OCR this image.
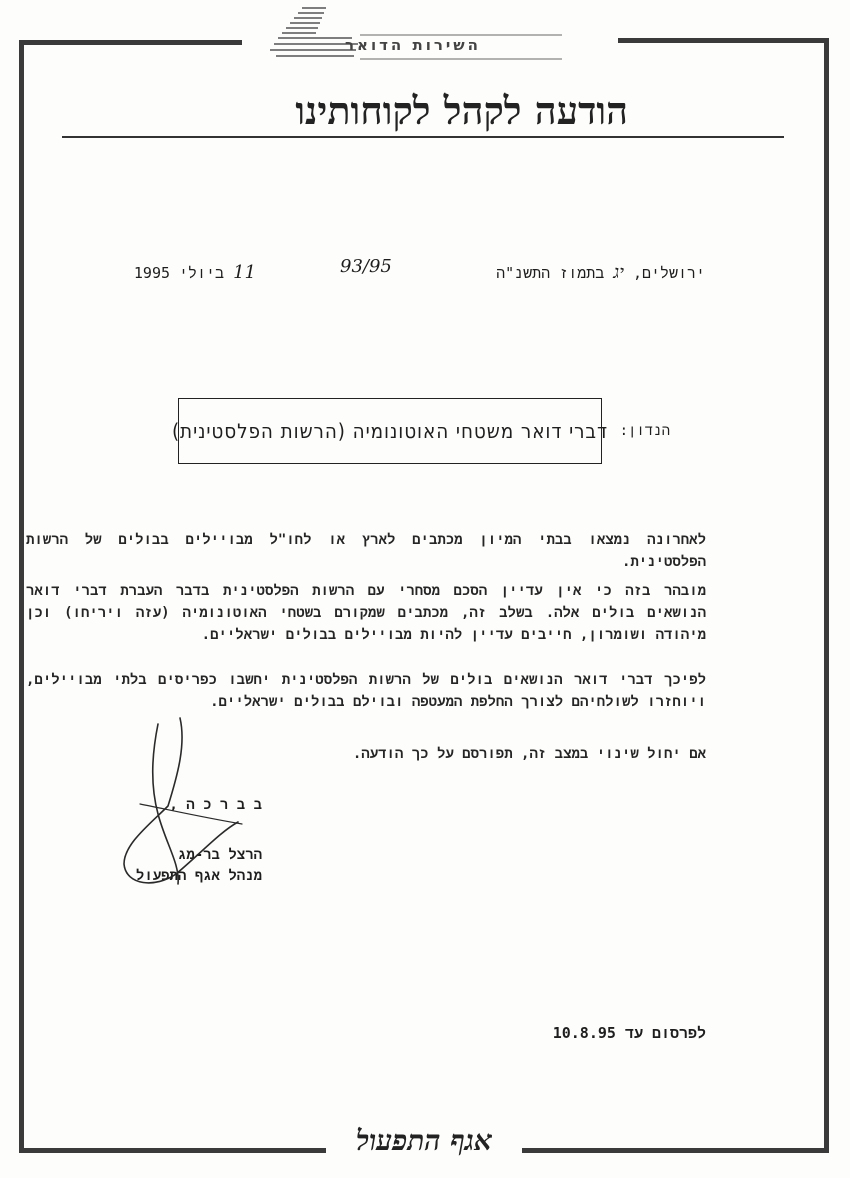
השירות הדואר
הודעה לקהל לקוחותינו
ירושלים, יג בתמוז התשנ"ה
93/95
11 ביולי 1995
הנדון:
דברי דואר משטחי האוטונומיה (הרשות הפלסטינית)
לאחרונה נמצאו בבתי המיון מכתבים לארץ או לחו"ל מבויילים בבולים של הרשות הפלסטינית.
מובהר בזה כי אין עדיין הסכם מסחרי עם הרשות הפלסטינית בדבר העברת דברי דואר הנושאים בולים אלה. בשלב זה, מכתבים שמקורם בשטחי האוטונומיה (עזה ויריחו) וכן מיהודה ושומרון, חייבים עדיין להיות מבויילים בבולים ישראליים.
לפיכך דברי דואר הנושאים בולים של הרשות הפלסטינית יחשבו כפריסים בלתי מבויילים, ויוחזרו לשולחיהם לצורך החלפת המעטפה ובוילם בבולים ישראליים.
אם יחול שינוי במצב זה, תפורסם על כך הודעה.
ב ב ר כ ה ,
הרצל בר-מג
מנהל אגף התפעול
לפרסום עד 10.8.95
אגף התפעול
